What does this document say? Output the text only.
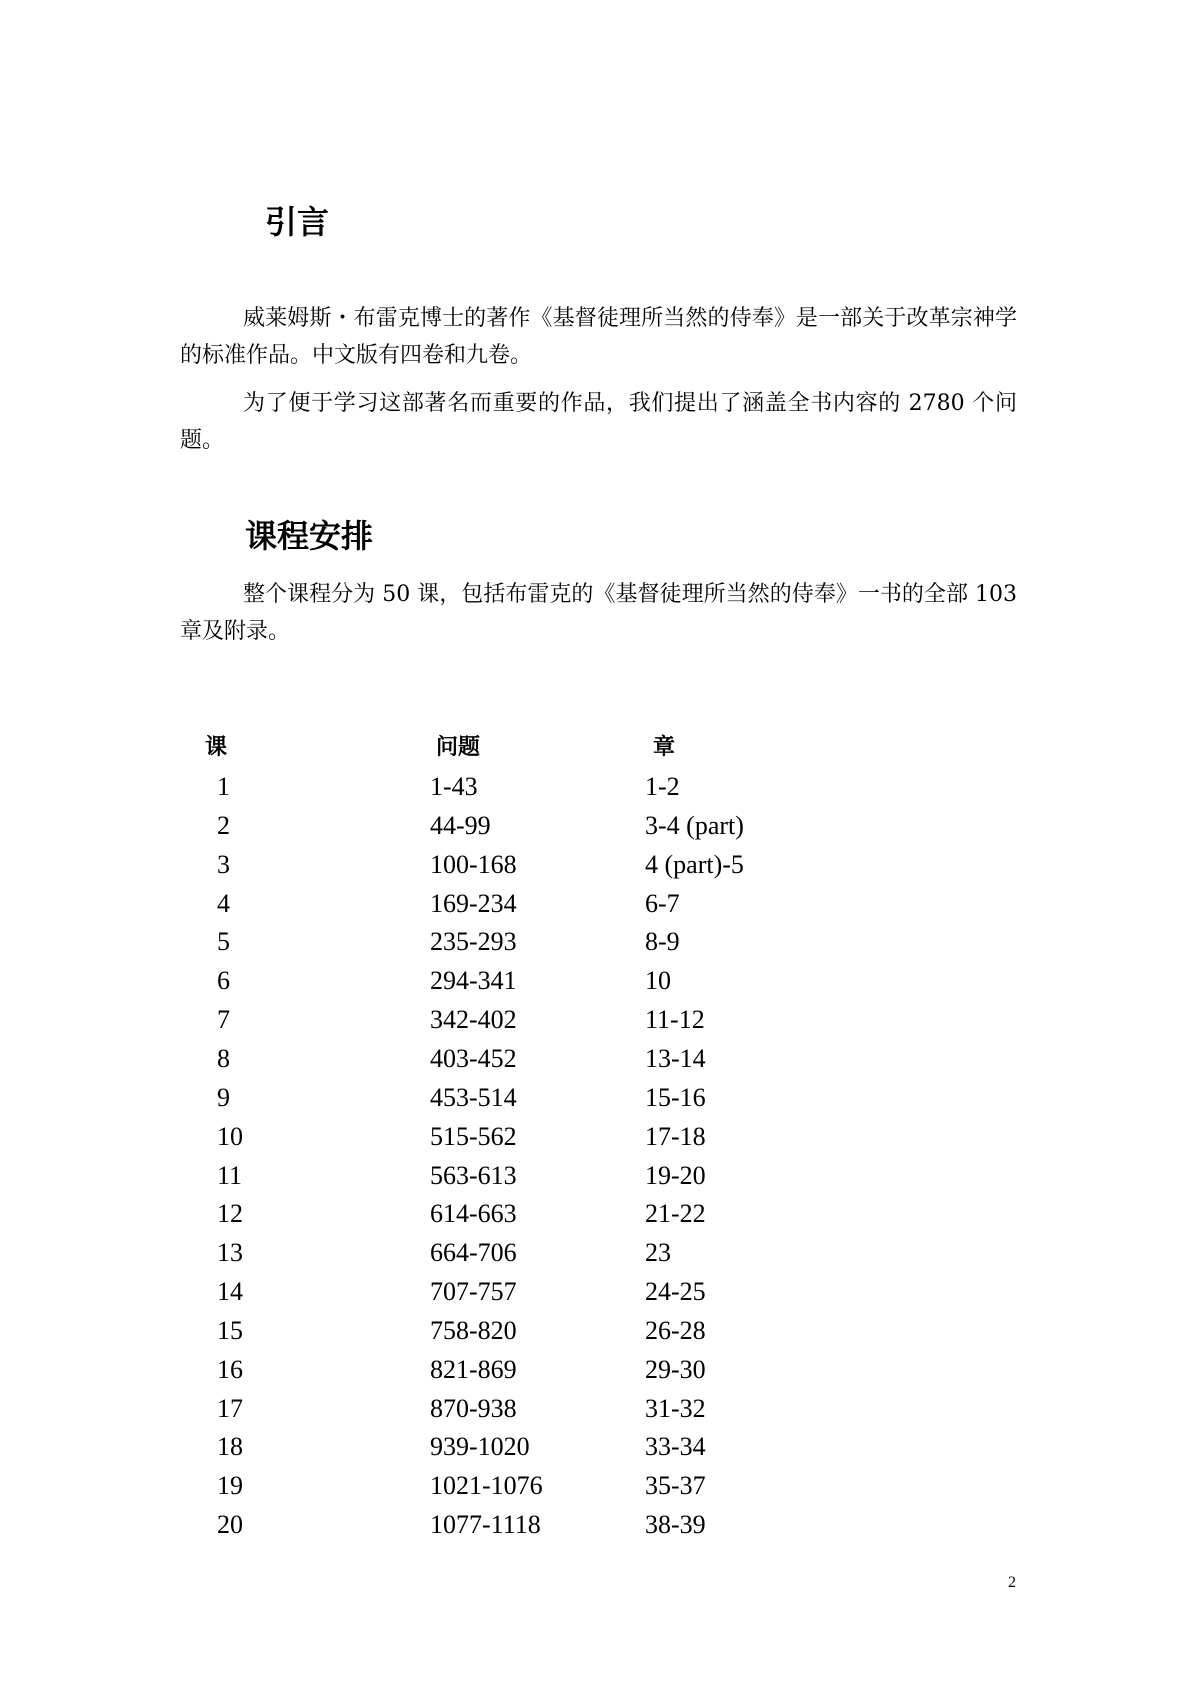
引言

威莱姆斯・布雷克博士的著作《基督徒理所当然的侍奉》是一部关于改革宗神学的标准作品。中文版有四卷和九卷。

为了便于学习这部著名而重要的作品，我们提出了涵盖全书内容的 2780 个问题。

课程安排

整个课程分为 50 课，包括布雷克的《基督徒理所当然的侍奉》一书的全部 103 章及附录。

课	问题	章
1	1-43	1-2
2	44-99	3-4 (part)
3	100-168	4 (part)-5
4	169-234	6-7
5	235-293	8-9
6	294-341	10
7	342-402	11-12
8	403-452	13-14
9	453-514	15-16
10	515-562	17-18
11	563-613	19-20
12	614-663	21-22
13	664-706	23
14	707-757	24-25
15	758-820	26-28
16	821-869	29-30
17	870-938	31-32
18	939-1020	33-34
19	1021-1076	35-37
20	1077-1118	38-39
2
